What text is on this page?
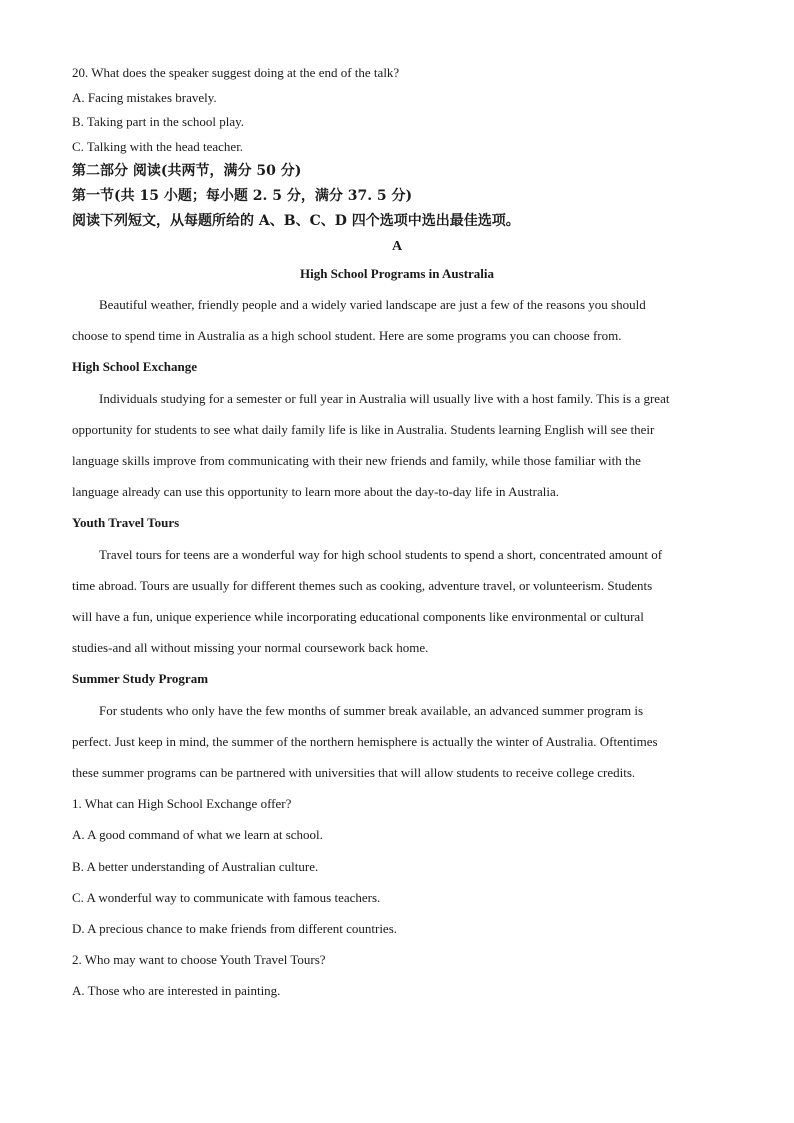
20. What does the speaker suggest doing at the end of the talk?
A. Facing mistakes bravely.
B. Taking part in the school play.
C. Talking with the head teacher.
第二部分 阅读(共两节，满分 50 分)
第一节(共 15 小题；每小题 2. 5 分，满分 37. 5 分)
阅读下列短文，从每题所给的 A、B、C、D 四个选项中选出最佳选项。
A
High School Programs in Australia
Beautiful weather, friendly people and a widely varied landscape are just a few of the reasons you should
choose to spend time in Australia as a high school student. Here are some programs you can choose from.
High School Exchange
Individuals studying for a semester or full year in Australia will usually live with a host family. This is a great
opportunity for students to see what daily family life is like in Australia. Students learning English will see their
language skills improve from communicating with their new friends and family, while those familiar with the
language already can use this opportunity to learn more about the day-to-day life in Australia.
Youth Travel Tours
Travel tours for teens are a wonderful way for high school students to spend a short, concentrated amount of
time abroad. Tours are usually for different themes such as cooking, adventure travel, or volunteerism. Students
will have a fun, unique experience while incorporating educational components like environmental or cultural
studies-and all without missing your normal coursework back home.
Summer Study Program
For students who only have the few months of summer break available, an advanced summer program is
perfect. Just keep in mind, the summer of the northern hemisphere is actually the winter of Australia. Oftentimes
these summer programs can be partnered with universities that will allow students to receive college credits.
1. What can High School Exchange offer?
A. A good command of what we learn at school.
B. A better understanding of Australian culture.
C. A wonderful way to communicate with famous teachers.
D. A precious chance to make friends from different countries.
2. Who may want to choose Youth Travel Tours?
A. Those who are interested in painting.
